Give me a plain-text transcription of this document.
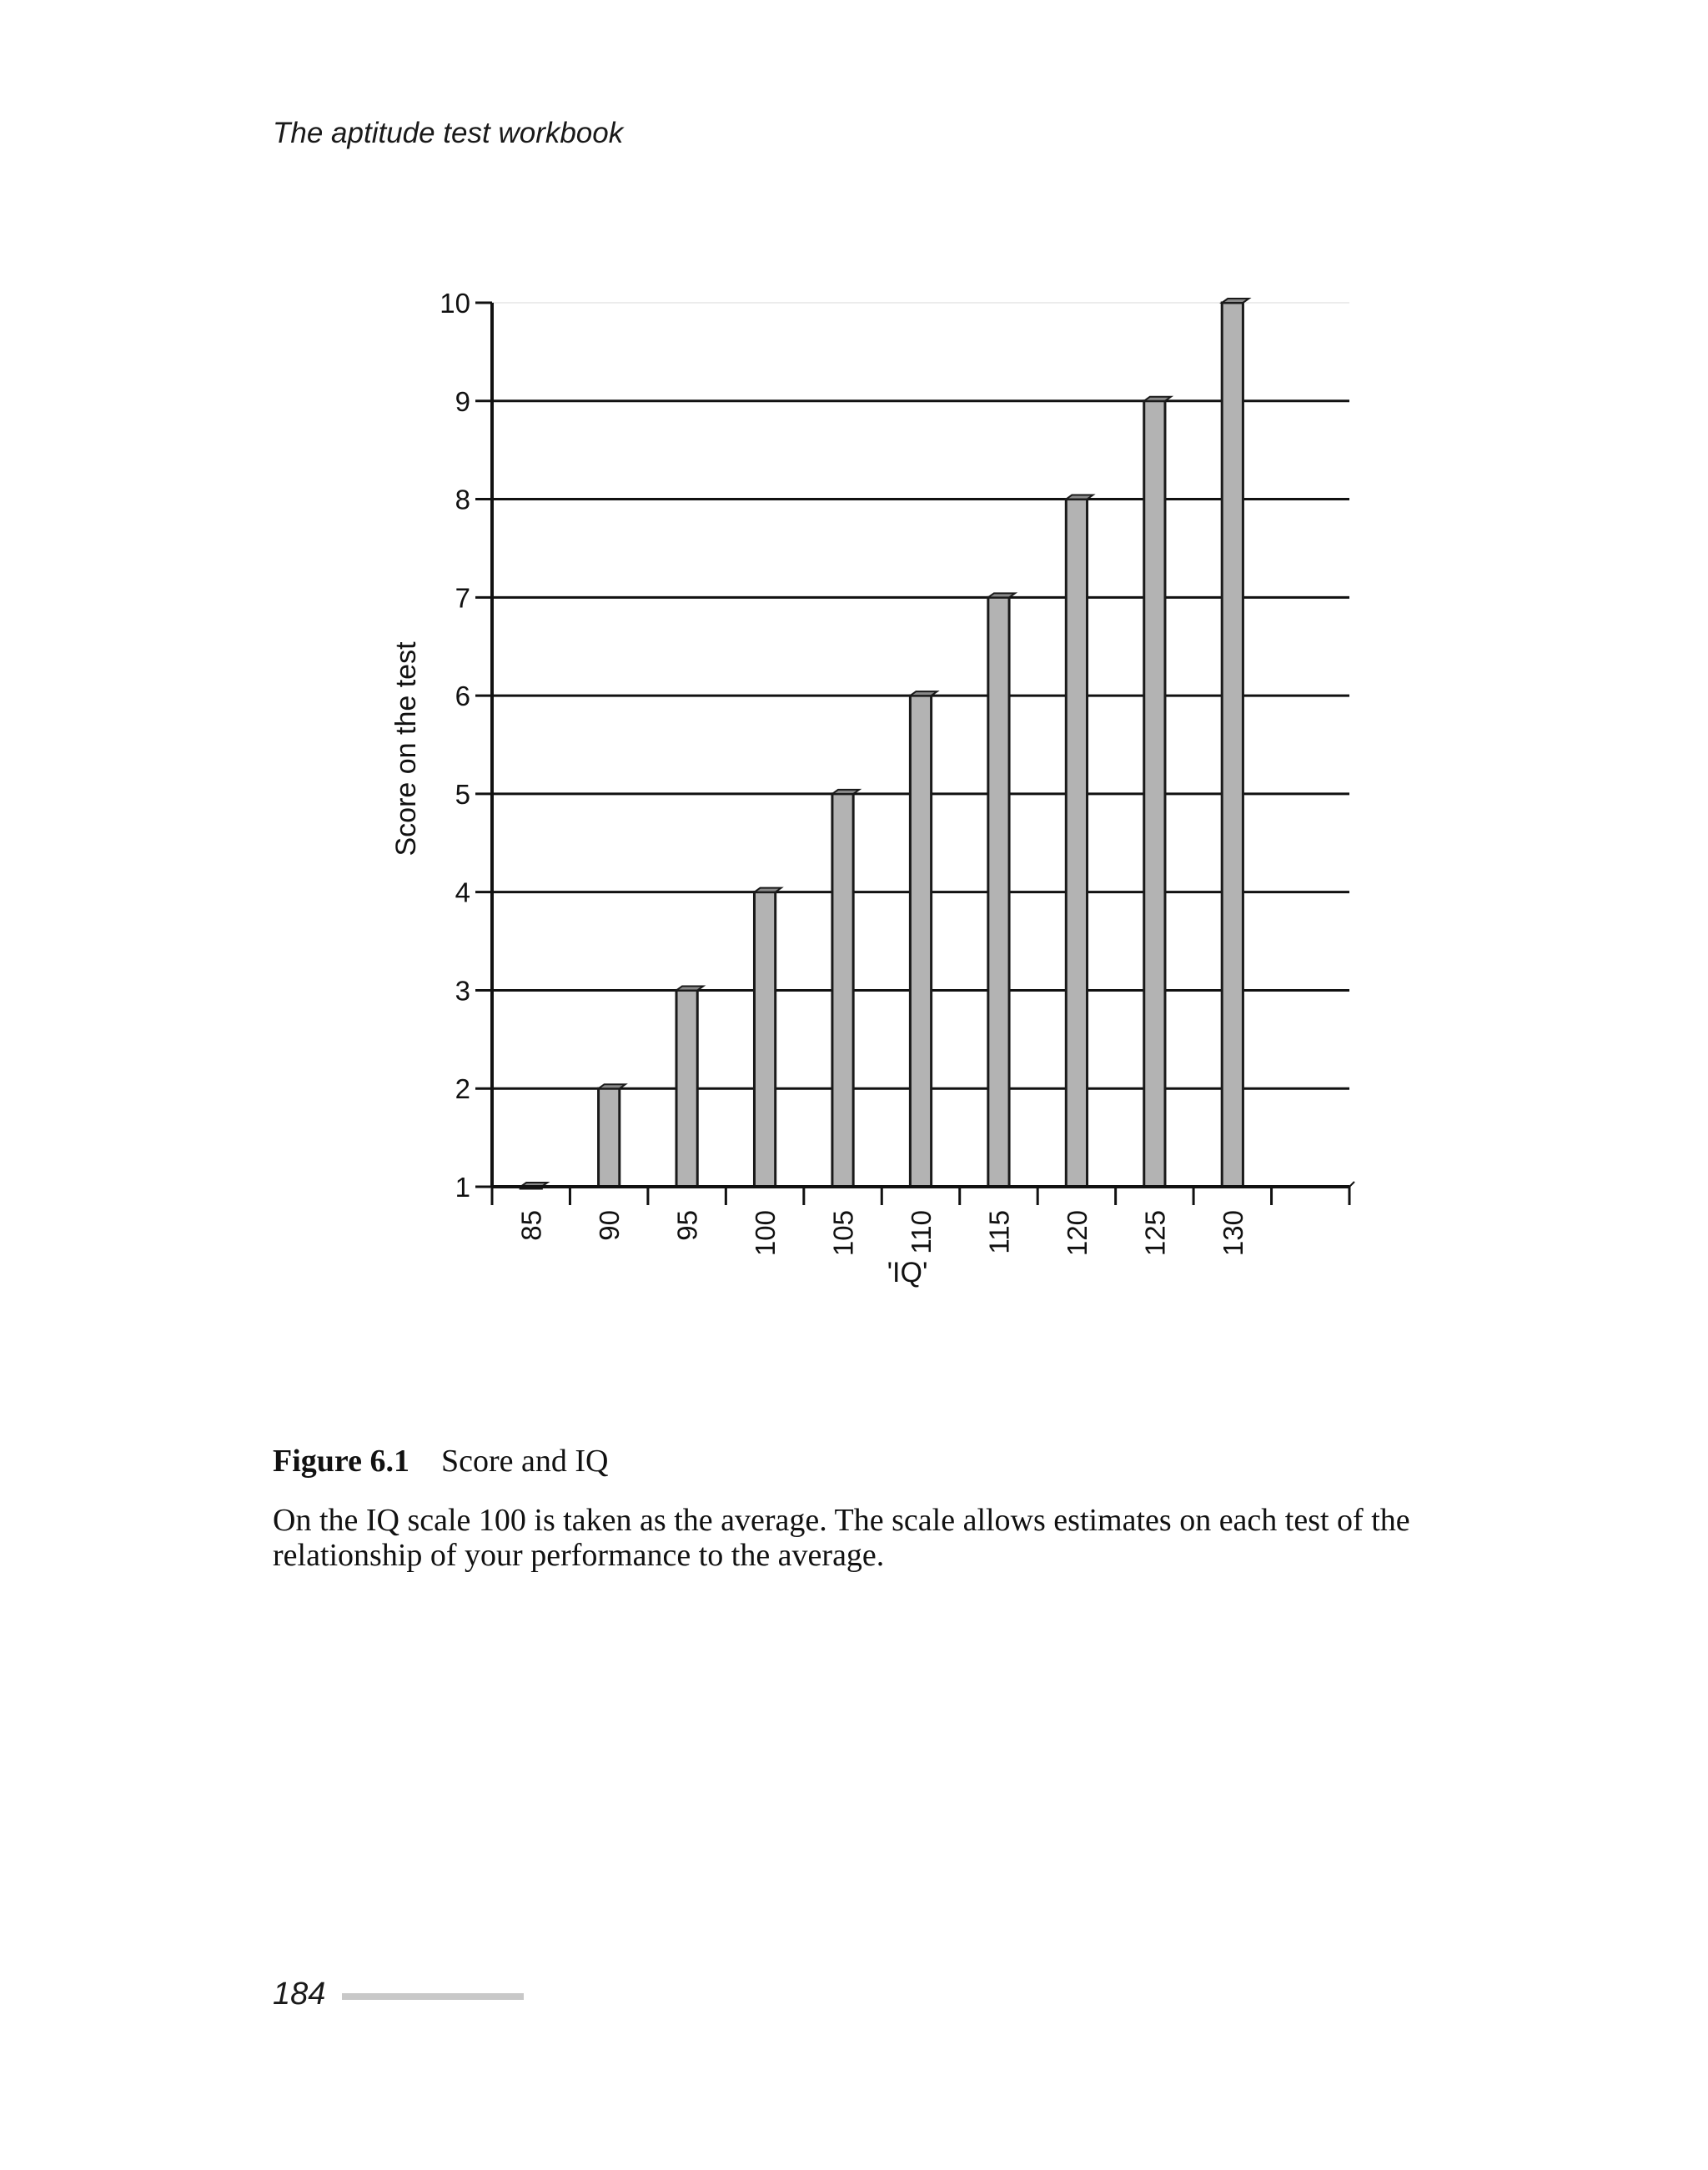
The aptitude test workbook
1
2
3
4
5
6
7
8
9
10
85 90 95 100 105 110 115 120 125 130
'IQ'
Score on the test
Figure 6.1 Score and IQ
On the IQ scale 100 is taken as the average. The scale allows estimates on each test of the relationship of your performance to the average.
184
